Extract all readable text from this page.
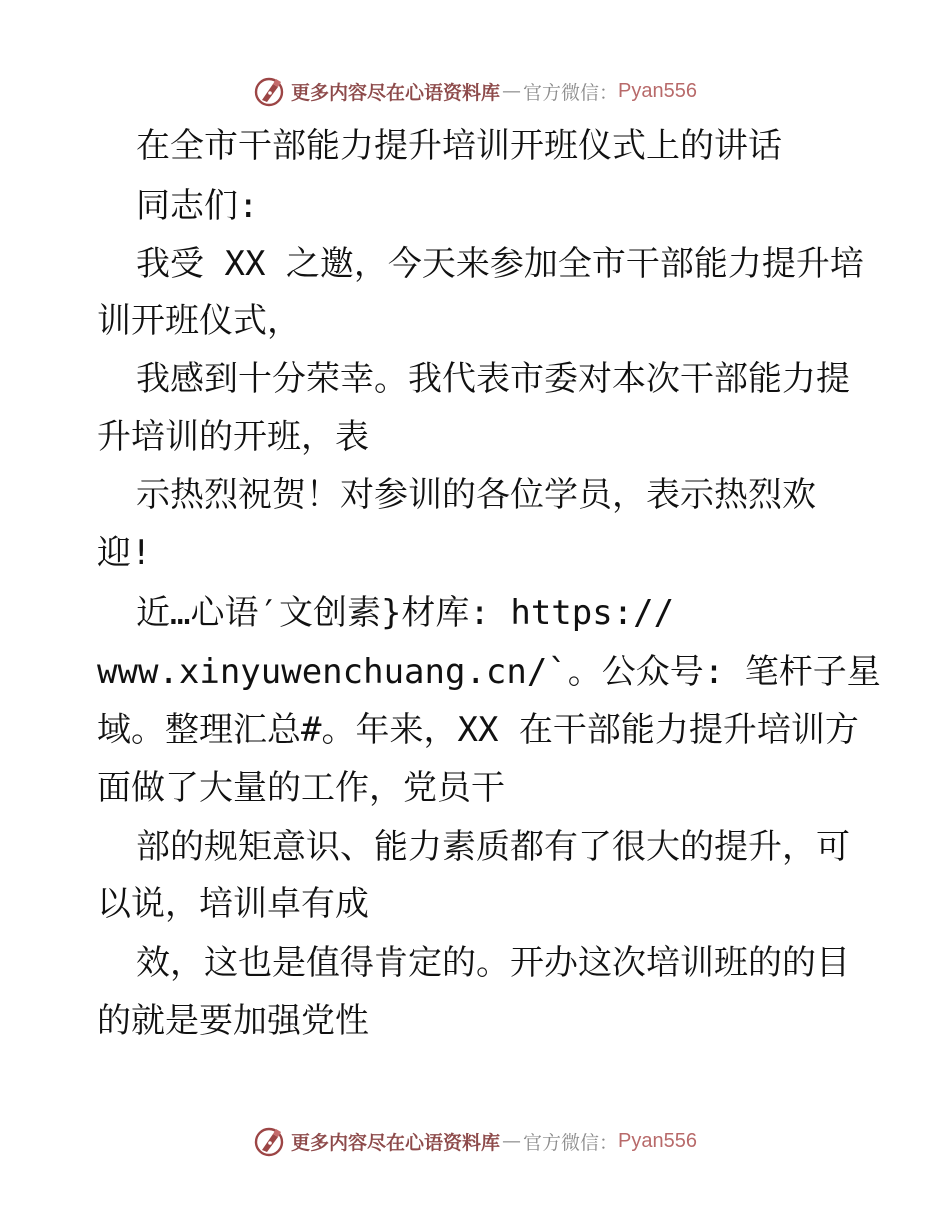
更多内容尽在心语资料库 — 官方微信： Pyan556
在全市干部能力提升培训开班仪式上的讲话
同志们:
我受 XX 之邀，今天来参加全市干部能力提升培
训开班仪式，
我感到十分荣幸。我代表市委对本次干部能力提
升培训的开班，表
示热烈祝贺！对参训的各位学员，表示热烈欢
迎!
近…心语′文创素}材库: https://
www.xinyuwenchuang.cn/`。公众号: 笔杆子星
域。整理汇总#。年来，XX 在干部能力提升培训方
面做了大量的工作，党员干
部的规矩意识、能力素质都有了很大的提升，可
以说，培训卓有成
效，这也是值得肯定的。开办这次培训班的的目
的就是要加强党性
更多内容尽在心语资料库 — 官方微信： Pyan556
